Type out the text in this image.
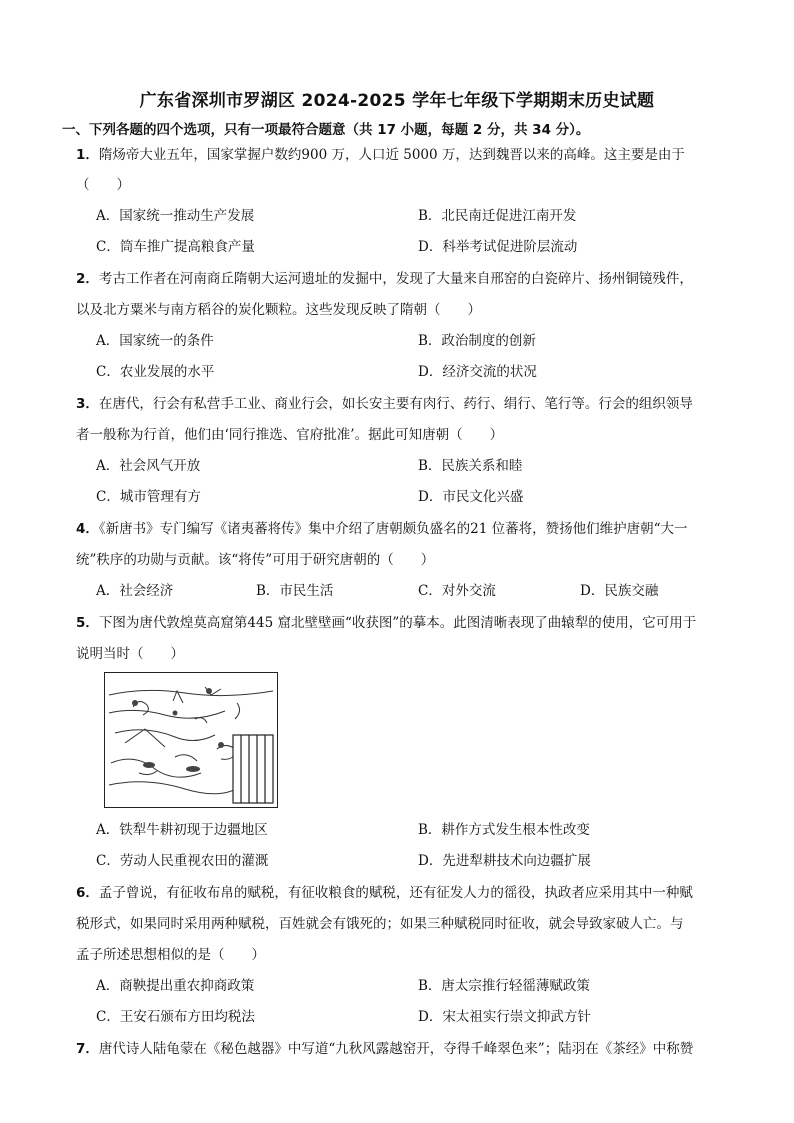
广东省深圳市罗湖区 2024-2025 学年七年级下学期期末历史试题
一、下列各题的四个选项，只有一项最符合题意（共 17 小题，每题 2 分，共 34 分）。
1．隋炀帝大业五年，国家掌握户数约900 万，人口近 5000 万，达到魏晋以来的高峰。这主要是由于
（　　）
A．国家统一推动生产发展	B．北民南迁促进江南开发
C．筒车推广提高粮食产量	D．科举考试促进阶层流动
2．考古工作者在河南商丘隋朝大运河遗址的发掘中，发现了大量来自邢窑的白瓷碎片、扬州铜镜残件，
以及北方粟米与南方稻谷的炭化颗粒。这些发现反映了隋朝（　　）
A．国家统一的条件	B．政治制度的创新
C．农业发展的水平	D．经济交流的状况
3．在唐代，行会有私营手工业、商业行会，如长安主要有肉行、药行、绢行、笔行等。行会的组织领导
者一般称为行首，他们由‘同行推选、官府批准’。据此可知唐朝（　　）
A．社会风气开放	B．民族关系和睦
C．城市管理有方	D．市民文化兴盛
4．《新唐书》专门编写《诸夷蕃将传》集中介绍了唐朝颇负盛名的21 位蕃将，赞扬他们维护唐朝“大一
统”秩序的功勋与贡献。该“将传”可用于研究唐朝的（　　）
A．社会经济	B．市民生活	C．对外交流	D．民族交融
5．下图为唐代敦煌莫高窟第445 窟北壁壁画“收获图”的摹本。此图清晰表现了曲辕犁的使用，它可用于
说明当时（　　）
A．铁犁牛耕初现于边疆地区	B．耕作方式发生根本性改变
C．劳动人民重视农田的灌溉	D．先进犁耕技术向边疆扩展
6．孟子曾说，有征收布帛的赋税，有征收粮食的赋税，还有征发人力的徭役，执政者应采用其中一种赋
税形式，如果同时采用两种赋税，百姓就会有饿死的；如果三种赋税同时征收，就会导致家破人亡。与
孟子所述思想相似的是（　　）
A．商鞅提出重农抑商政策	B．唐太宗推行轻徭薄赋政策
C．王安石颁布方田均税法	D．宋太祖实行崇文抑武方针
7．唐代诗人陆龟蒙在《秘色越器》中写道“九秋风露越窑开，夺得千峰翠色来”；陆羽在《茶经》中称赞
